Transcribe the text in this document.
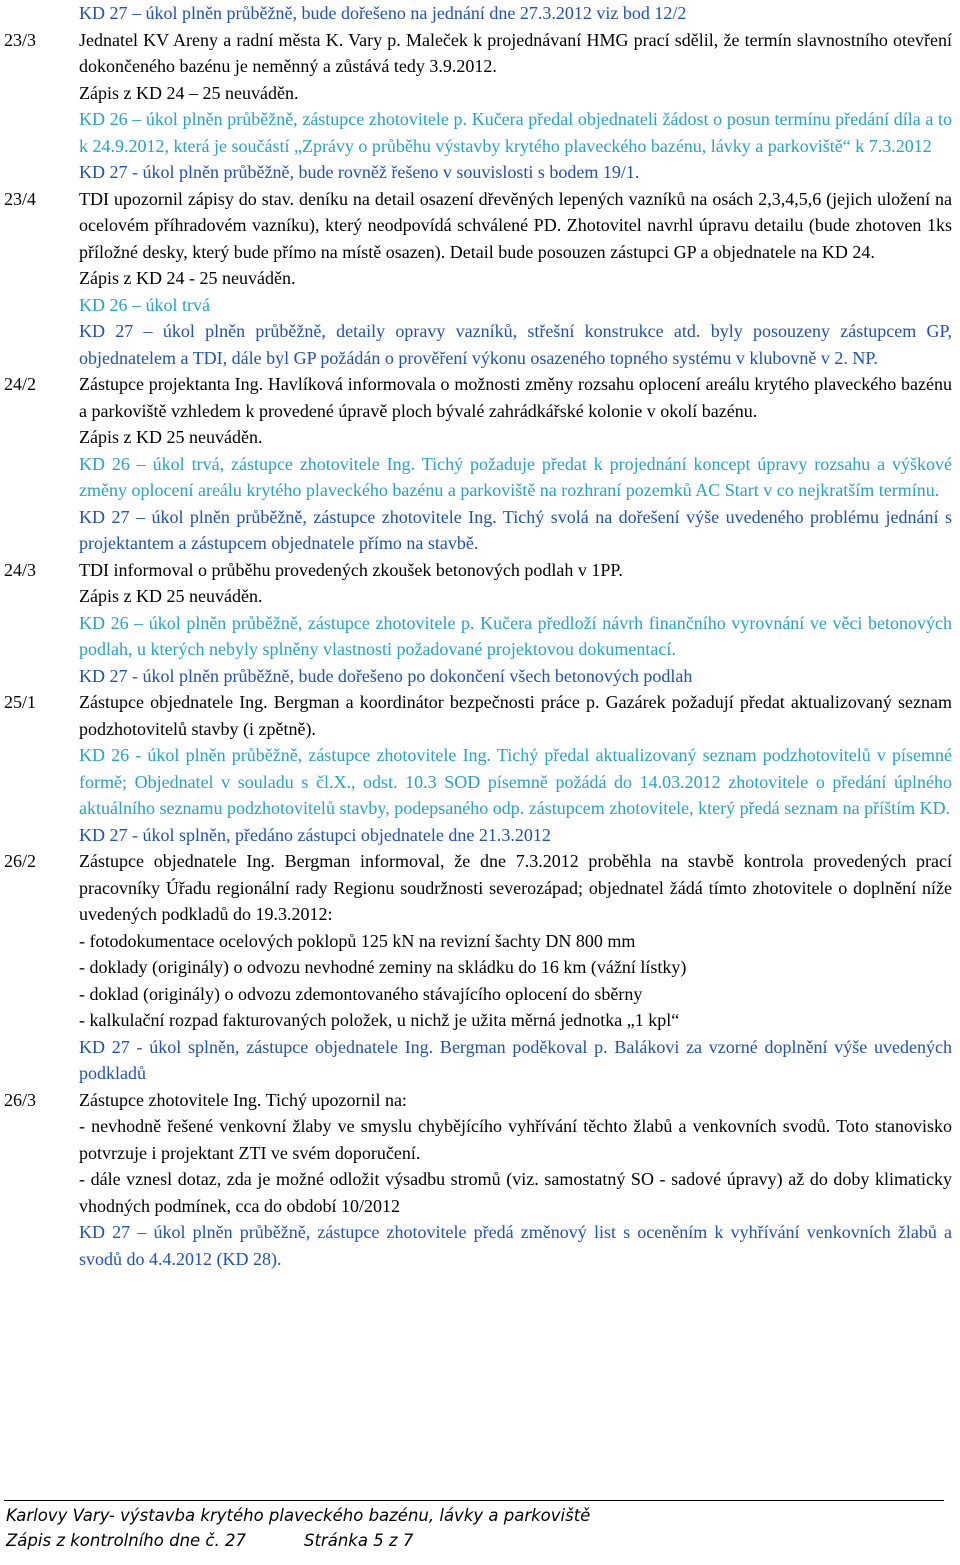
KD 27 – úkol plněn průběžně, bude dořešeno na jednání dne 27.3.2012 viz bod 12/2

23/3	Jednatel KV Areny a radní města K. Vary p. Maleček k projednávaní HMG prací sdělil, že termín slavnostního otevření dokončeného bazénu je neměnný a zůstává tedy 3.9.2012.

Zápis z KD 24 – 25 neuváděn.

KD 26 – úkol plněn průběžně, zástupce zhotovitele p. Kučera předal objednateli žádost o posun termínu předání díla a to k 24.9.2012, která je součástí „Zprávy o průběhu výstavby krytého plaveckého bazénu, lávky a parkoviště“ k 7.3.2012

KD 27 - úkol plněn průběžně, bude rovněž řešeno v souvislosti s bodem 19/1.

23/4	TDI upozornil zápisy do stav. deníku na detail osazení dřevěných lepených vazníků na osách 2,3,4,5,6 (jejich uložení na ocelovém příhradovém vazníku), který neodpovídá schválené PD. Zhotovitel navrhl úpravu detailu (bude zhotoven 1ks příložné desky, který bude přímo na místě osazen). Detail bude posouzen zástupci GP a objednatele na KD 24.

Zápis z KD 24 - 25 neuváděn.

KD 26 – úkol trvá

KD 27 – úkol plněn průběžně, detaily opravy vazníků, střešní konstrukce atd. byly posouzeny zástupcem GP, objednatelem a TDI, dále byl GP požádán o prověření výkonu osazeného topného systému v klubovně v 2. NP.

24/2	Zástupce projektanta Ing. Havlíková informovala o možnosti změny rozsahu oplocení areálu krytého plaveckého bazénu a parkoviště vzhledem k provedené úpravě ploch bývalé zahrádkářské kolonie v okolí bazénu.

Zápis z KD 25 neuváděn.

KD 26 – úkol trvá, zástupce zhotovitele Ing. Tichý požaduje předat k projednání koncept úpravy rozsahu a výškové změny oplocení areálu krytého plaveckého bazénu a parkoviště na rozhraní pozemků AC Start v co nejkratším termínu.

KD 27 – úkol plněn průběžně, zástupce zhotovitele Ing. Tichý svolá na dořešení výše uvedeného problému jednání s projektantem a zástupcem objednatele přímo na stavbě.

24/3	TDI informoval o průběhu provedených zkoušek betonových podlah v 1PP.

Zápis z KD 25 neuváděn.

KD 26 – úkol plněn průběžně, zástupce zhotovitele p. Kučera předloží návrh finančního vyrovnání ve věci betonových podlah, u kterých nebyly splněny vlastnosti požadované projektovou dokumentací.

KD 27 - úkol plněn průběžně, bude dořešeno po dokončení všech betonových podlah

25/1	Zástupce objednatele Ing. Bergman a koordinátor bezpečnosti práce p. Gazárek požadují předat aktualizovaný seznam podzhotovitelů stavby (i zpětně).

KD 26 - úkol plněn průběžně, zástupce zhotovitele Ing. Tichý předal aktualizovaný seznam podzhotovitelů v písemné formě; Objednatel v souladu s čl.X., odst. 10.3 SOD písemně požádá do 14.03.2012 zhotovitele o předání úplného aktuálního seznamu podzhotovitelů stavby, podepsaného odp. zástupcem zhotovitele, který předá seznam na příštím KD.

KD 27 - úkol splněn, předáno zástupci objednatele dne 21.3.2012

26/2	Zástupce objednatele Ing. Bergman informoval, že dne 7.3.2012 proběhla na stavbě kontrola provedených prací pracovníky Úřadu regionální rady Regionu soudržnosti severozápad; objednatel žádá tímto zhotovitele o doplnění níže uvedených podkladů do 19.3.2012:

- fotodokumentace ocelových poklopů 125 kN na revizní šachty DN 800 mm

- doklady (originály) o odvozu nevhodné zeminy na skládku do 16 km (vážní lístky)

- doklad (originály) o odvozu zdemontovaného stávajícího oplocení do sběrny

- kalkulační rozpad fakturovaných položek, u nichž je užita měrná jednotka „1 kpl“

KD 27 - úkol splněn, zástupce objednatele Ing. Bergman poděkoval p. Balákovi za vzorné doplnění výše uvedených podkladů

26/3	Zástupce zhotovitele Ing. Tichý upozornil na:

- nevhodně řešené venkovní žlaby ve smyslu chybějícího vyhřívání těchto žlabů a venkovních svodů. Toto stanovisko potvrzuje i projektant ZTI ve svém doporučení.

- dále vznesl dotaz, zda je možné odložit výsadbu stromů (viz. samostatný SO - sadové úpravy) až do doby klimaticky vhodných podmínek, cca do období 10/2012

KD 27 – úkol plněn průběžně, zástupce zhotovitele předá změnový list s oceněním k vyhřívání venkovních žlabů a svodů do 4.4.2012 (KD 28).

Karlovy Vary- výstavba krytého plaveckého bazénu, lávky a parkoviště
Zápis z kontrolního dne č. 27	Stránka 5 z 7
